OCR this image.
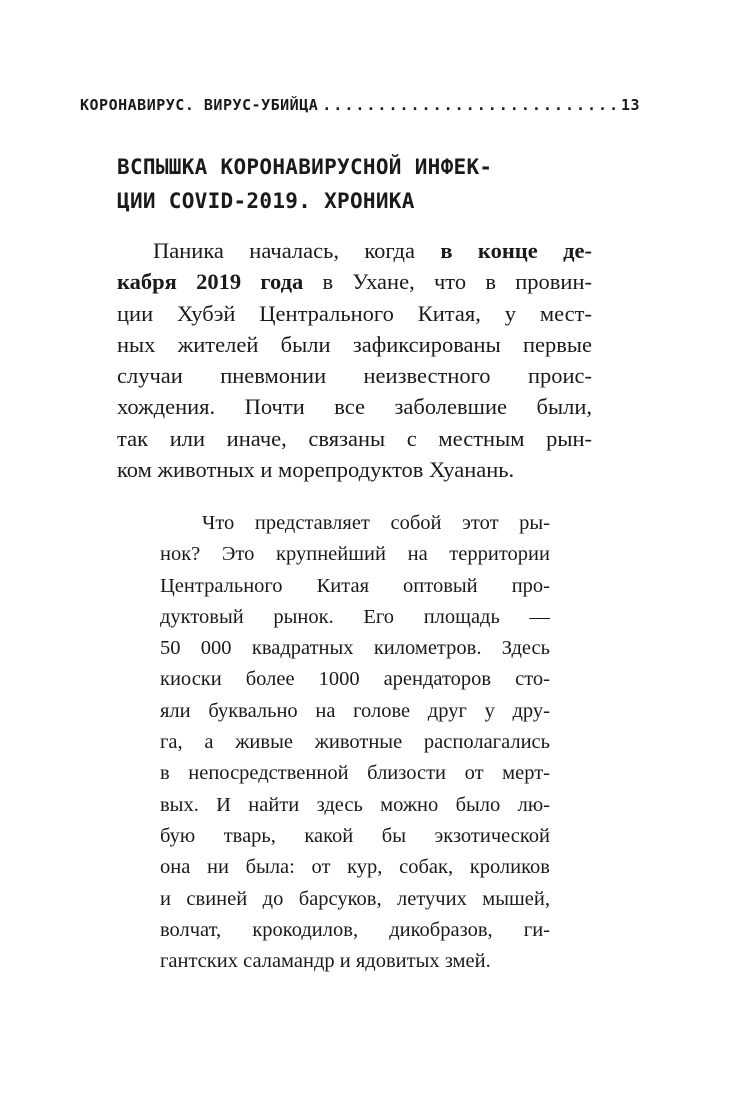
КОРОНАВИРУС. ВИРУС-УБИЙЦА
.....	13
ВСПЫШКА КОРОНАВИРУСНОЙ ИНФЕК-
ЦИИ COVID-2019. ХРОНИКА
Паника началась, когда в конце де-
кабря 2019 года в Ухане, что в провин-
ции Хубэй Центрального Китая, у мест-
ных жителей были зафиксированы первые
случаи пневмонии неизвестного проис-
хождения. Почти все заболевшие были,
так или иначе, связаны с местным рын-
ком животных и морепродуктов Хуанань.
Что представляет собой этот ры-
нок? Это крупнейший на территории
Центрального Китая оптовый про-
дуктовый рынок. Его площадь —
50 000 квадратных километров. Здесь
киоски более 1000 арендаторов сто-
яли буквально на голове друг у дру-
га, а живые животные располагались
в непосредственной близости от мерт-
вых. И найти здесь можно было лю-
бую тварь, какой бы экзотической
она ни была: от кур, собак, кроликов
и свиней до барсуков, летучих мышей,
волчат, крокодилов, дикобразов, ги-
гантских саламандр и ядовитых змей.
